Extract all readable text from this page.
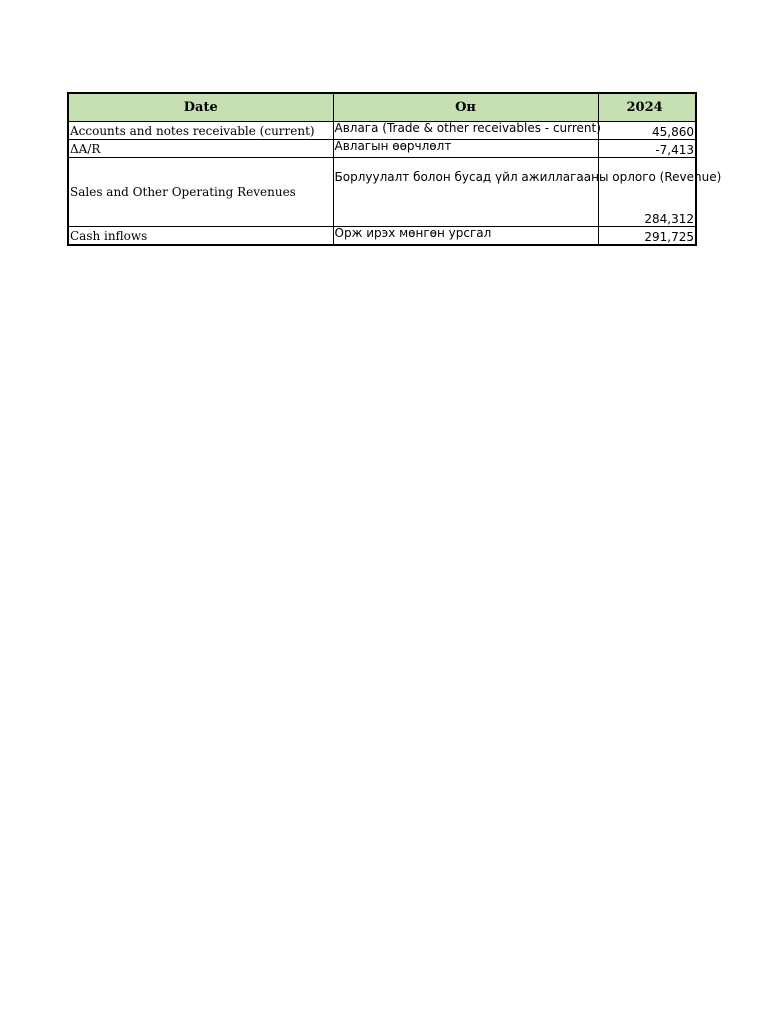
Date	Он	2024
Accounts and notes receivable (current)	Авлага (Trade & other receivables - current)	45,860
ΔA/R	Авлагын өөрчлөлт	-7,413
Sales and Other Operating Revenues	Борлуулалт болон бусад үйл ажиллагааны орлого (Revenue)	284,312
Cash inflows	Орж ирэх мөнгөн урсгал	291,725
